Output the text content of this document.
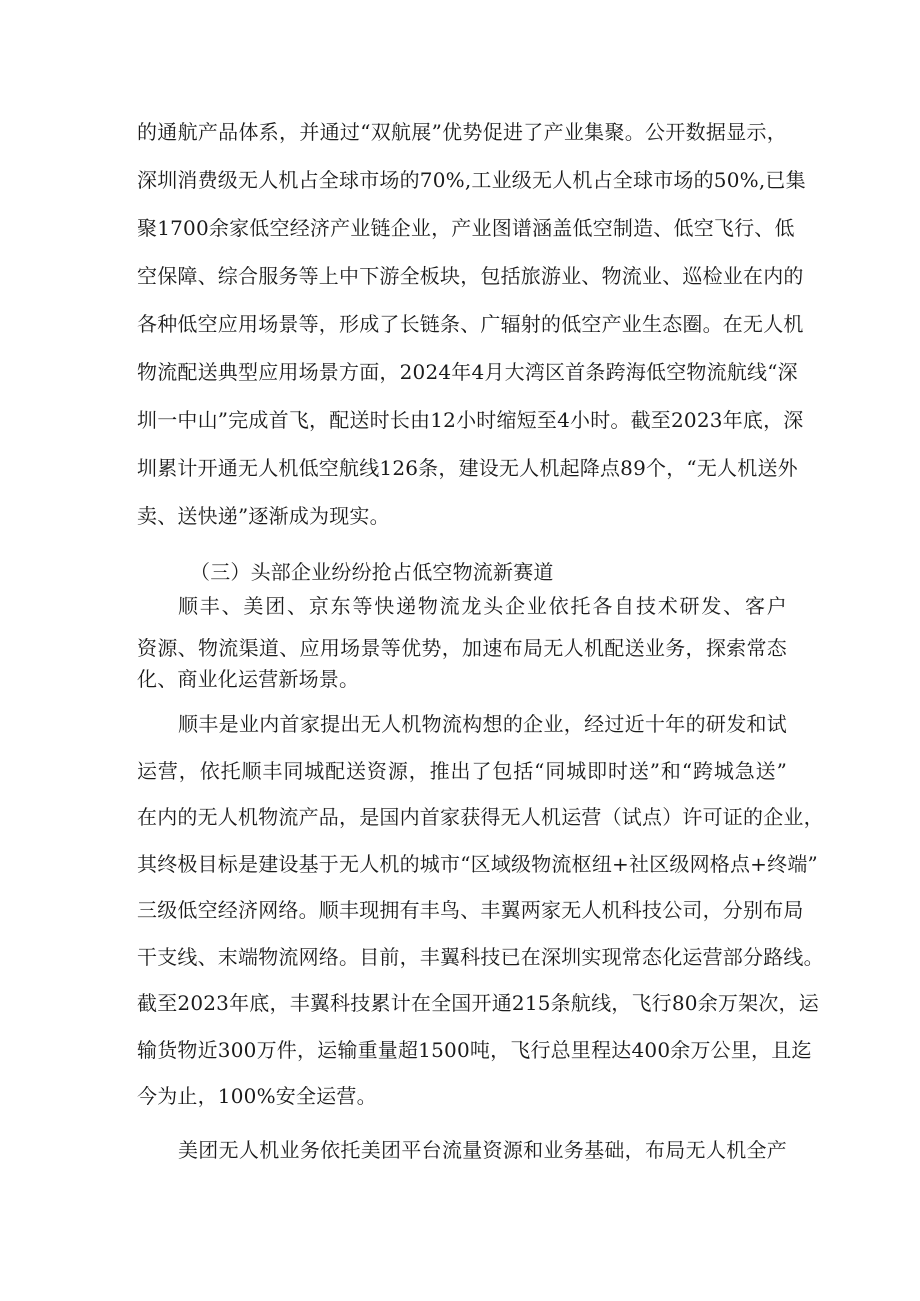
的通航产品体系，并通过“双航展”优势促进了产业集聚。公开数据显示，
深圳消费级无人机占全球市场的70%,工业级无人机占全球市场的50%,已集
聚1700余家低空经济产业链企业，产业图谱涵盖低空制造、低空飞行、低
空保障、综合服务等上中下游全板块，包括旅游业、物流业、巡检业在内的
各种低空应用场景等，形成了长链条、广辐射的低空产业生态圈。在无人机
物流配送典型应用场景方面，2024年4月大湾区首条跨海低空物流航线“深
圳一中山”完成首飞，配送时长由12小时缩短至4小时。截至2023年底，深
圳累计开通无人机低空航线126条，建设无人机起降点89个，“无人机送外
卖、送快递”逐渐成为现实。
（三）头部企业纷纷抢占低空物流新赛道
顺丰、美团、京东等快递物流龙头企业依托各自技术研发、客户
资源、物流渠道、应用场景等优势，加速布局无人机配送业务，探索常态
化、商业化运营新场景。
顺丰是业内首家提出无人机物流构想的企业，经过近十年的研发和试
运营，依托顺丰同城配送资源，推出了包括“同城即时送”和“跨城急送”
在内的无人机物流产品，是国内首家获得无人机运营（试点）许可证的企业，
其终极目标是建设基于无人机的城市“区域级物流枢纽+社区级网格点+终端”
三级低空经济网络。顺丰现拥有丰鸟、丰翼两家无人机科技公司，分别布局
干支线、末端物流网络。目前，丰翼科技已在深圳实现常态化运营部分路线。
截至2023年底，丰翼科技累计在全国开通215条航线，飞行80余万架次，运
输货物近300万件，运输重量超1500吨，飞行总里程达400余万公里，且迄
今为止，100%安全运营。
美团无人机业务依托美团平台流量资源和业务基础，布局无人机全产
